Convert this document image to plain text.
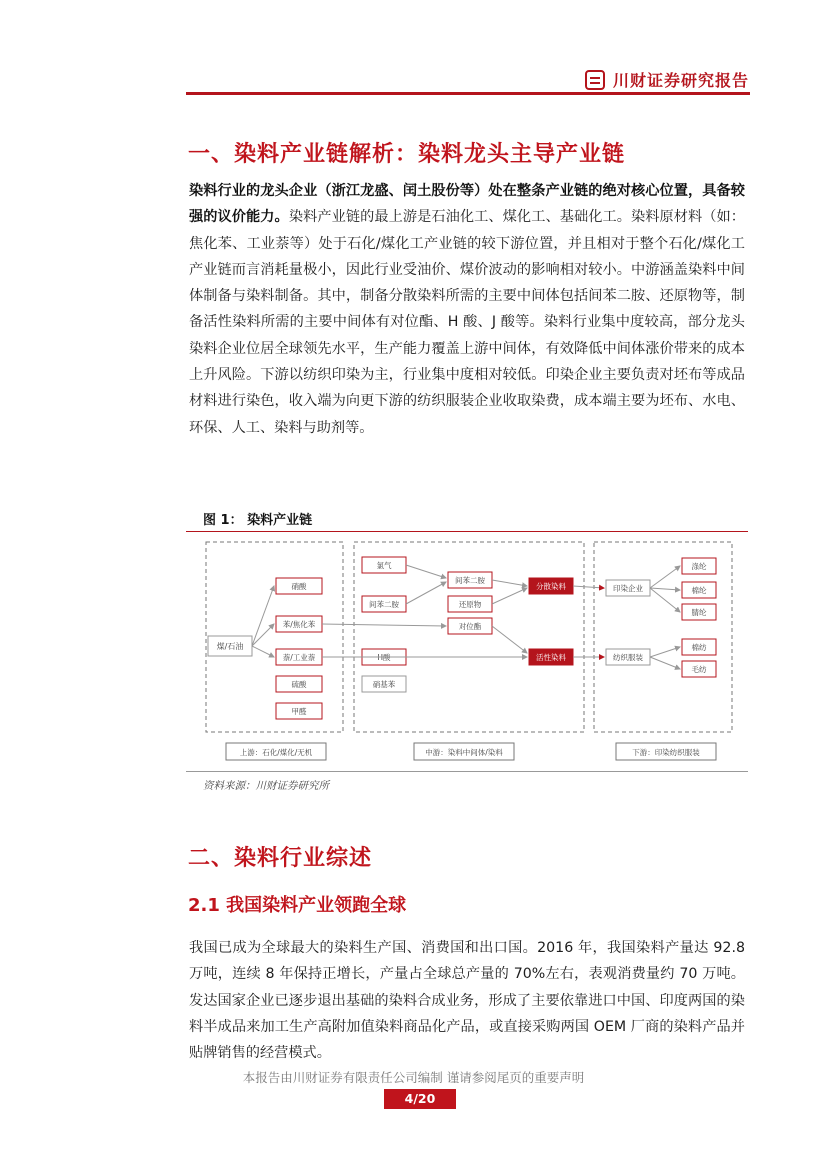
川财证券研究报告
一、染料产业链解析：染料龙头主导产业链
染料行业的龙头企业（浙江龙盛、闰土股份等）处在整条产业链的绝对核心位置，具备较强的议价能力。染料产业链的最上游是石油化工、煤化工、基础化工。染料原材料（如：焦化苯、工业萘等）处于石化/煤化工产业链的较下游位置，并且相对于整个石化/煤化工产业链而言消耗量极小，因此行业受油价、煤价波动的影响相对较小。中游涵盖染料中间体制备与染料制备。其中，制备分散染料所需的主要中间体包括间苯二胺、还原物等，制备活性染料所需的主要中间体有对位酯、H 酸、J 酸等。染料行业集中度较高，部分龙头染料企业位居全球领先水平，生产能力覆盖上游中间体，有效降低中间体涨价带来的成本上升风险。下游以纺织印染为主，行业集中度相对较低。印染企业主要负责对坯布等成品材料进行染色，收入端为向更下游的纺织服装企业收取染费，成本端主要为坯布、水电、环保、人工、染料与助剂等。
图 1： 染料产业链
煤/石油
硝酸
苯/焦化苯
萘/工业萘
硫酸
甲醛
氯气
间苯二胺
间苯二胺
还原物
对位酯
H酸
硝基苯
分散染料
活性染料
印染企业
纺织服装
涤纶
棉纶
腈纶
棉纺
毛纺
上游：石化/煤化/无机	中游：染料中间体/染料	下游：印染纺织服装
资料来源：川财证券研究所
二、染料行业综述
2.1 我国染料产业领跑全球
我国已成为全球最大的染料生产国、消费国和出口国。2016 年，我国染料产量达 92.8 万吨，连续 8 年保持正增长，产量占全球总产量的 70%左右，表观消费量约 70 万吨。发达国家企业已逐步退出基础的染料合成业务，形成了主要依靠进口中国、印度两国的染料半成品来加工生产高附加值染料商品化产品，或直接采购两国 OEM 厂商的染料产品并贴牌销售的经营模式。
本报告由川财证券有限责任公司编制 谨请参阅尾页的重要声明
4/20
